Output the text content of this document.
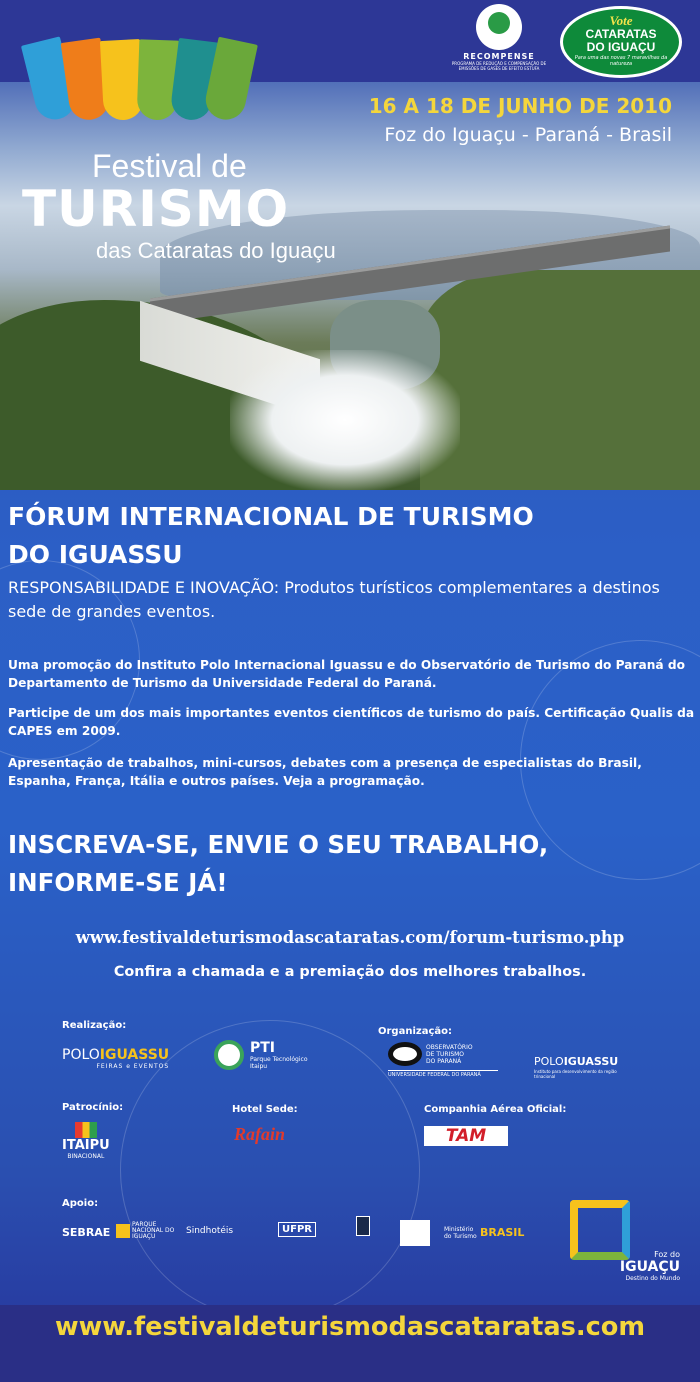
Festival de
TURISMO
das Cataratas do Iguaçu
16 A 18 DE JUNHO DE 2010
Foz do Iguaçu - Paraná - Brasil
RECOMPENSE
PROGRAMA DE REDUÇÃO E COMPENSAÇÃO DE EMISSÕES DE GASES DE EFEITO ESTUFA
Vote
CATARATAS
DO IGUAÇU
Para uma das novas 7 maravilhas da natureza
FÓRUM INTERNACIONAL DE TURISMO
DO IGUASSU
RESPONSABILIDADE E INOVAÇÃO: Produtos turísticos complementares a destinos sede de grandes eventos.
Uma promoção do Instituto Polo Internacional Iguassu e do Observatório de Turismo do Paraná do Departamento de Turismo da Universidade Federal do Paraná.
Participe de um dos mais importantes eventos científicos de turismo do país. Certificação Qualis da CAPES em 2009.
Apresentação de trabalhos, mini-cursos, debates com a presença de especialistas do Brasil, Espanha, França, Itália e outros países. Veja a programação.
INSCREVA-SE, ENVIE O SEU TRABALHO,
INFORME-SE JÁ!
www.festivaldeturismodascataratas.com/forum-turismo.php
Confira a chamada e a premiação dos melhores trabalhos.
Realização:
Organização:
POLOIGUASSU
FEIRAS e EVENTOS
PTI
Parque Tecnológico
Itaipu
OBSERVATÓRIO
DE TURISMO
DO PARANÁ
UNIVERSIDADE FEDERAL DO PARANÁ
POLOIGUASSU
Instituto para desenvolvimento da região trinacional
Patrocínio:	Hotel Sede:	Companhia Aérea Oficial:
ITAIPU
BINACIONAL
Rafain	TAM
Apoio:
SEBRAE
PARQUE
NACIONAL DO
IGUAÇU
Sindhotéis	UFPR	Ministério
do Turismo BRASIL
Foz do
IGUAÇU
Destino do Mundo
www.festivaldeturismodascataratas.com
